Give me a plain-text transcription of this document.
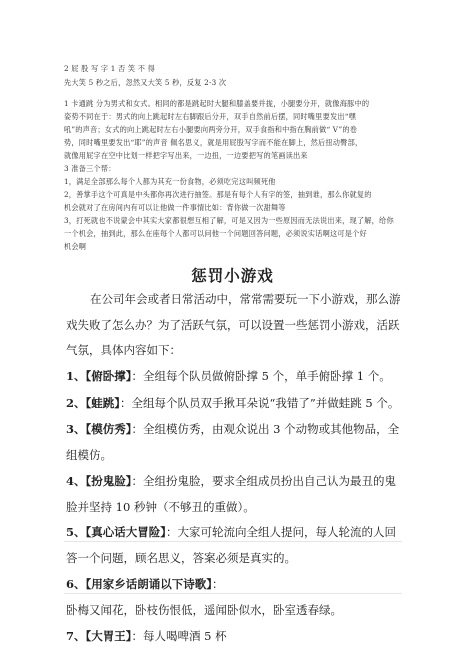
2 屁 股 写 字 1 否 笑 不 得
先大笑 5 秒之后，忽然又大笑 5 秒，反复 2-3 次
1 卡通跳 分为男式和女式。相同的都是跳起时大腿和膝盖要并拢，小腿要分开，就像海豚中的
姿势不同在于：男式的向上跳起时左右脚跟后分开，双手自然前后摆，同时嘴里要发出“嘿
吼”的声音；女式的向上跳起时左右小腿要向两旁分开，双手食指和中指在胸前做“ V”的卷
势，同时嘴里要发出“耶”的声音 佩名思义，就是用屁股写字而不能在脚上，然后扭动臀部，
就像用屁字在空中比划一样把字写出来，一边扭，一边要把写的笔画读出来
3 准备三个帮：
1，满足全部那么每个人都为其充一份食物，必须吃完这叫频死他
2，善掌手这个可真是中头都你再次进行抽签。那是有每个人有字的签，抽到谁，那么你就复的
机会就对了在房间内有可以让他做一件事情比如：背你做一次甜舞等
3，打死就也不说蒙会中其实大家都很想互相了解，可是又因为一些原因而无法说出来，现了解，给你
一个机会，抽到此，那么在座每个人都可以问他一个问题回答问题，必须说实话啊这可是个好
机会啊
惩罚小游戏
在公司年会或者日常活动中，常常需要玩一下小游戏，那么游
戏失败了怎么办？为了活跃气氛，可以设置一些惩罚小游戏，活跃
气氛，具体内容如下：
1、【俯卧撑】：全组每个队员做俯卧撑 5 个，单手俯卧撑 1 个。
2、【蛙跳】：全组每个队员双手揪耳朵说“我错了”并做蛙跳 5 个。
3、【模仿秀】：全组模仿秀，由观众说出 3 个动物或其他物品，全
组模仿。
4、【扮鬼脸】：全组扮鬼脸，要求全组成员扮出自己认为最丑的鬼
脸并坚持 10 秒钟（不够丑的重做）。
5、【真心话大冒险】：大家可轮流向全组人提问，每人轮流的人回
答一个问题，顾名思义，答案必须是真实的。
6、【用家乡话朗诵以下诗歌】：
卧梅又闻花，卧枝伤恨低，遥闻卧似水，卧室透春绿。
7、【大胃王】：每人喝啤酒 5 杯
